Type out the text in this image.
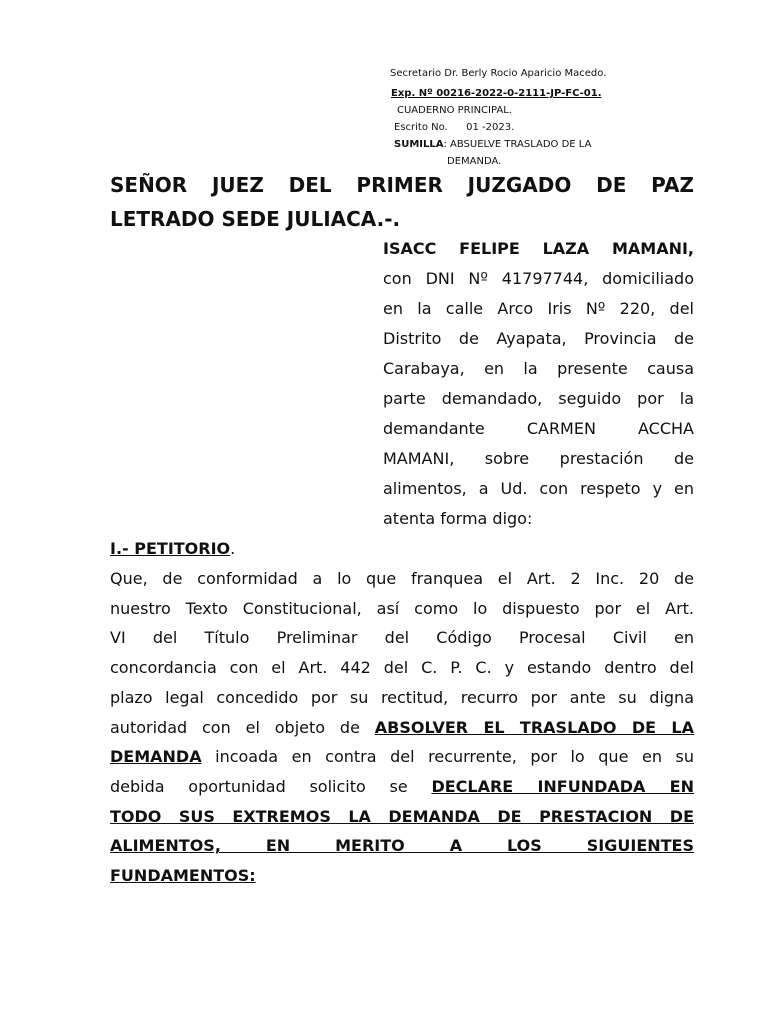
Secretario Dr. Berly Rocio Aparicio Macedo.
Exp. Nº 00216-2022-0-2111-JP-FC-01.
CUADERNO PRINCIPAL.
Escrito No. 01 -2023.
SUMILLA: ABSUELVE TRASLADO DE LA
DEMANDA.
SEÑOR JUEZ DEL PRIMER JUZGADO DE PAZ
LETRADO SEDE JULIACA.-.
ISACC FELIPE LAZA MAMANI,
con DNI Nº 41797744, domiciliado
en la calle Arco Iris Nº 220, del
Distrito de Ayapata, Provincia de
Carabaya, en la presente causa
parte demandado, seguido por la
demandante CARMEN ACCHA
MAMANI, sobre prestación de
alimentos, a Ud. con respeto y en
atenta forma digo:
I.- PETITORIO.
Que, de conformidad a lo que franquea el Art. 2 Inc. 20 de
nuestro Texto Constitucional, así como lo dispuesto por el Art.
VI del Título Preliminar del Código Procesal Civil en
concordancia con el Art. 442 del C. P. C. y estando dentro del
plazo legal concedido por su rectitud, recurro por ante su digna
autoridad con el objeto de ABSOLVER EL TRASLADO DE LA
DEMANDA incoada en contra del recurrente, por lo que en su
debida oportunidad solicito se DECLARE INFUNDADA EN
TODO SUS EXTREMOS LA DEMANDA DE PRESTACION DE
ALIMENTOS, EN MERITO A LOS SIGUIENTES
FUNDAMENTOS:
